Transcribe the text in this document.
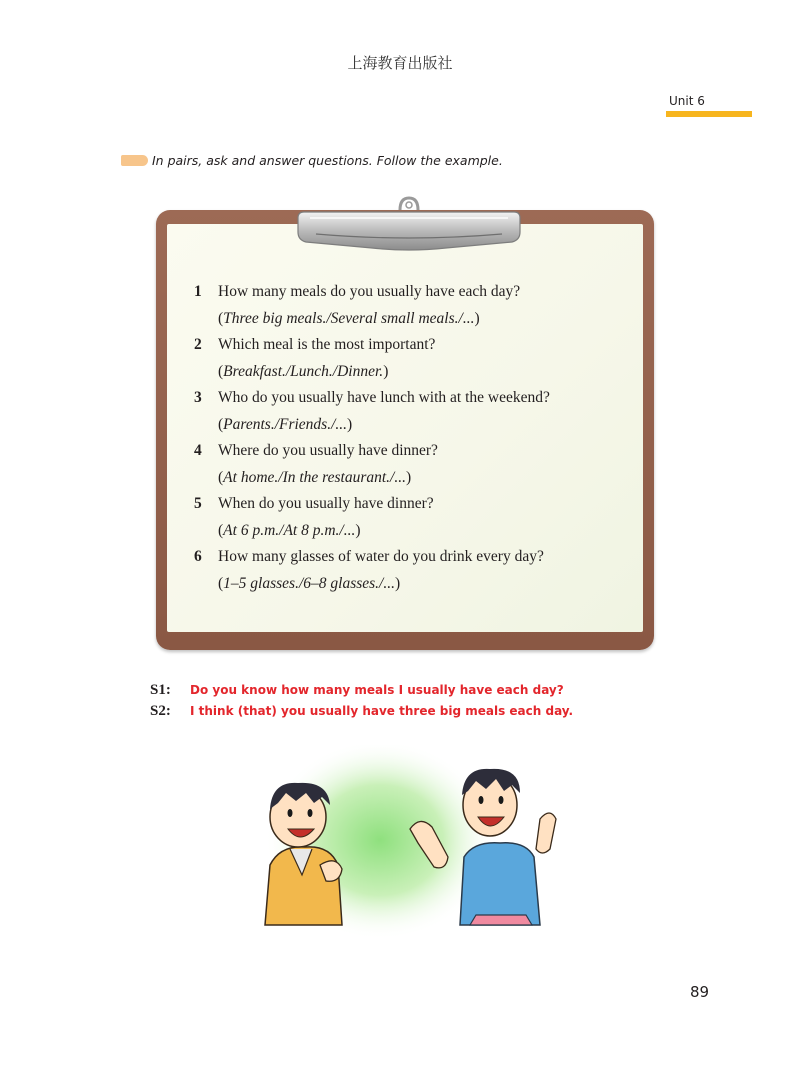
上海教育出版社
Unit 6
In pairs, ask and answer questions. Follow the example.
1	How many meals do you usually have each day?
(Three big meals./Several small meals./...)
2	Which meal is the most important?
(Breakfast./Lunch./Dinner.)
3	Who do you usually have lunch with at the weekend?
(Parents./Friends./...)
4	Where do you usually have dinner?
(At home./In the restaurant./...)
5	When do you usually have dinner?
(At 6 p.m./At 8 p.m./...)
6	How many glasses of water do you drink every day?
(1–5 glasses./6–8 glasses./...)
S1:	Do you know how many meals I usually have each day?
S2:	I think (that) you usually have three big meals each day.
89
